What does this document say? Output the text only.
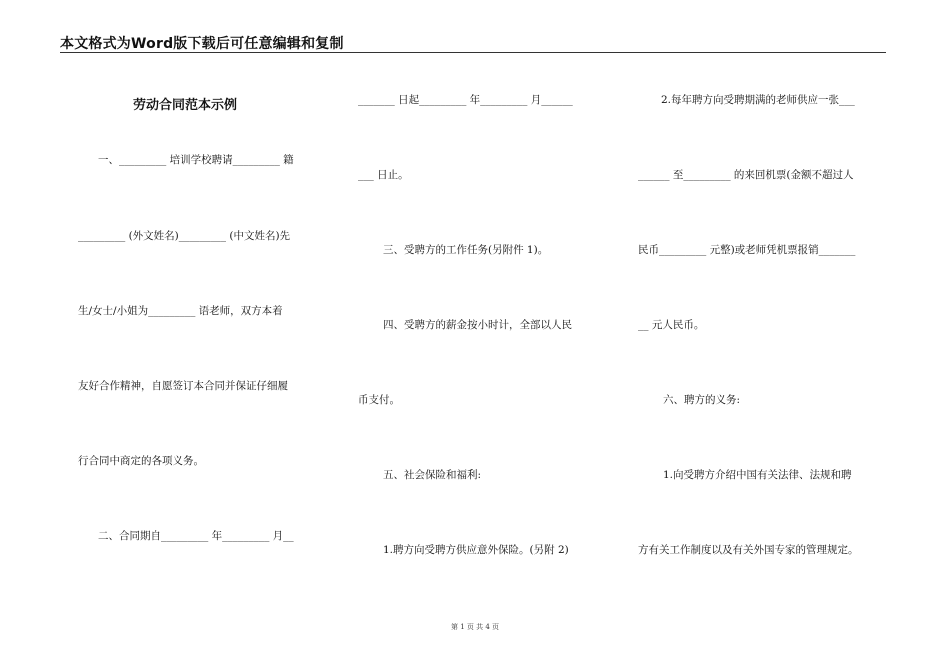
本文格式为Word版下载后可任意编辑和复制
劳动合同范本示例
一、_________ 培训学校聘请_________ 籍
_________ (外文姓名)_________ (中文姓名)先
生/女士/小姐为_________ 语老师，双方本着
友好合作精神，自愿签订本合同并保证仔细履
行合同中商定的各项义务。
二、合同期自_________ 年_________ 月__
_______ 日起_________ 年_________ 月______
___ 日止。
三、受聘方的工作任务(另附件 1)。
四、受聘方的薪金按小时计，全部以人民
币支付。
五、社会保险和福利:
1.聘方向受聘方供应意外保险。(另附 2)
2.每年聘方向受聘期满的老师供应一张___
______ 至_________ 的来回机票(金额不超过人
民币_________ 元整)或老师凭机票报销_______
__ 元人民币。
六、聘方的义务:
1.向受聘方介绍中国有关法律、法规和聘
方有关工作制度以及有关外国专家的管理规定。
第 1 页 共 4 页
